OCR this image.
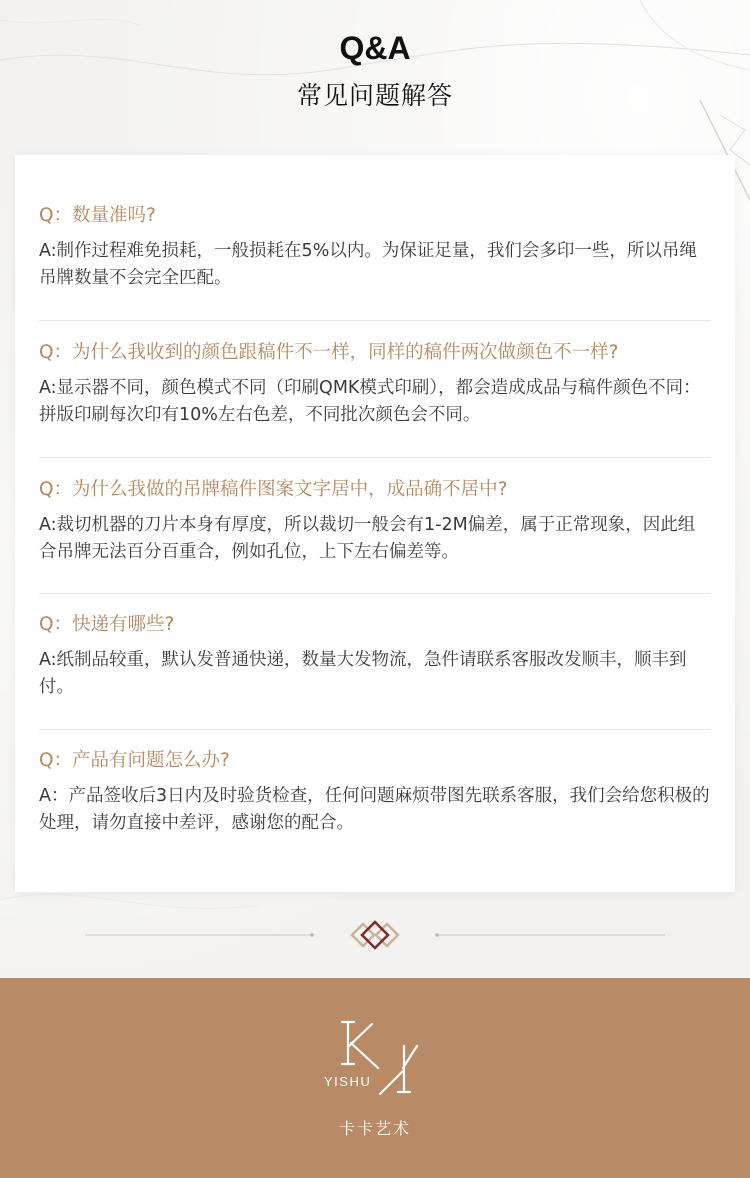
Q&A
常见问题解答
Q：数量准吗?
A:制作过程难免损耗，一般损耗在5%以内。为保证足量，我们会多印一些，所以吊绳吊牌数量不会完全匹配。
Q：为什么我收到的颜色跟稿件不一样，同样的稿件两次做颜色不一样?
A:显示器不同，颜色模式不同（印刷QMK模式印刷），都会造成成品与稿件颜色不同：拼版印刷每次印有10%左右色差，不同批次颜色会不同。
Q：为什么我做的吊牌稿件图案文字居中，成品确不居中?
A:裁切机器的刀片本身有厚度，所以裁切一般会有1-2M偏差，属于正常现象，因此组合吊牌无法百分百重合，例如孔位，上下左右偏差等。
Q：快递有哪些?
A:纸制品较重，默认发普通快递，数量大发物流，急件请联系客服改发顺丰，顺丰到付。
Q：产品有问题怎么办?
A：产品签收后3日内及时验货检查，任何问题麻烦带图先联系客服，我们会给您积极的处理，请勿直接中差评，感谢您的配合。
YISHU
卡卡艺术
